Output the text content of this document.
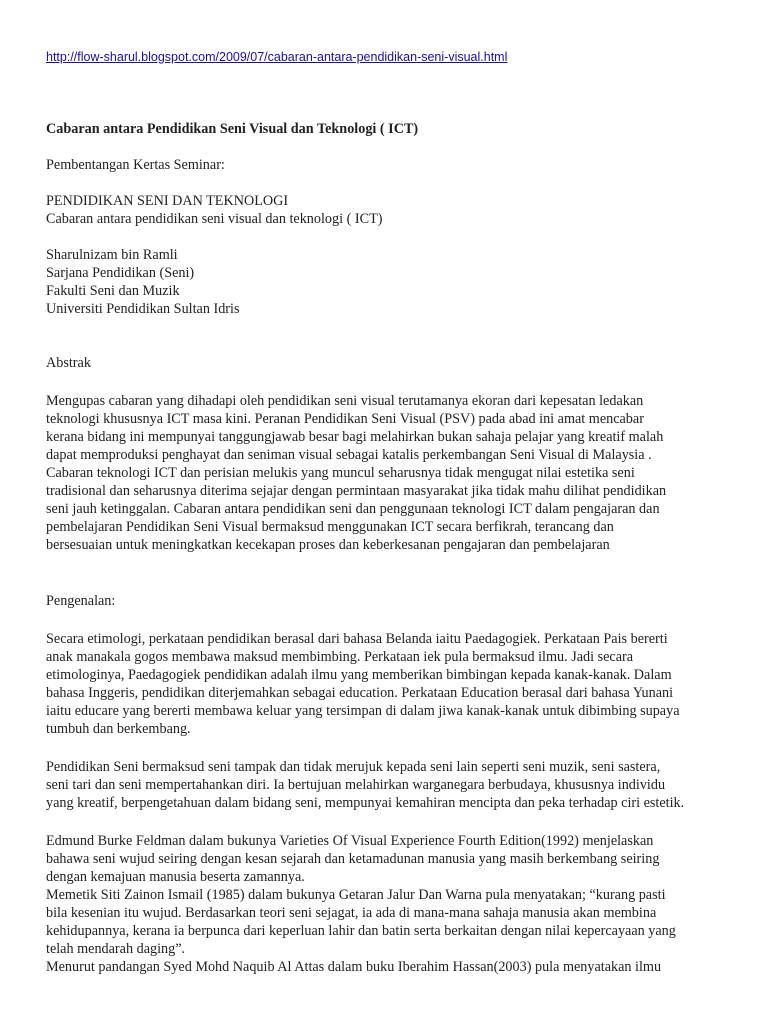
http://flow-sharul.blogspot.com/2009/07/cabaran-antara-pendidikan-seni-visual.html

Cabaran antara Pendidikan Seni Visual dan Teknologi ( ICT)

Pembentangan Kertas Seminar:

PENDIDIKAN SENI DAN TEKNOLOGI
Cabaran antara pendidikan seni visual dan teknologi ( ICT)

Sharulnizam bin Ramli
Sarjana Pendidikan (Seni)
Fakulti Seni dan Muzik
Universiti Pendidikan Sultan Idris

Abstrak

Mengupas cabaran yang dihadapi oleh pendidikan seni visual terutamanya ekoran dari kepesatan ledakan
teknologi khususnya ICT masa kini. Peranan Pendidikan Seni Visual (PSV) pada abad ini amat mencabar
kerana bidang ini mempunyai tanggungjawab besar bagi melahirkan bukan sahaja pelajar yang kreatif malah
dapat memproduksi penghayat dan seniman visual sebagai katalis perkembangan Seni Visual di Malaysia .
Cabaran teknologi ICT dan perisian melukis yang muncul seharusnya tidak mengugat nilai estetika seni
tradisional dan seharusnya diterima sejajar dengan permintaan masyarakat jika tidak mahu dilihat pendidikan
seni jauh ketinggalan. Cabaran antara pendidikan seni dan penggunaan teknologi ICT dalam pengajaran dan
pembelajaran Pendidikan Seni Visual bermaksud menggunakan ICT secara berfikrah, terancang dan
bersesuaian untuk meningkatkan kecekapan proses dan keberkesanan pengajaran dan pembelajaran

Pengenalan:

Secara etimologi, perkataan pendidikan berasal dari bahasa Belanda iaitu Paedagogiek. Perkataan Pais bererti
anak manakala gogos membawa maksud membimbing. Perkataan iek pula bermaksud ilmu. Jadi secara
etimologinya, Paedagogiek pendidikan adalah ilmu yang memberikan bimbingan kepada kanak-kanak. Dalam
bahasa Inggeris, pendidikan diterjemahkan sebagai education. Perkataan Education berasal dari bahasa Yunani
iaitu educare yang bererti membawa keluar yang tersimpan di dalam jiwa kanak-kanak untuk dibimbing supaya
tumbuh dan berkembang.

Pendidikan Seni bermaksud seni tampak dan tidak merujuk kepada seni lain seperti seni muzik, seni sastera,
seni tari dan seni mempertahankan diri. Ia bertujuan melahirkan warganegara berbudaya, khususnya individu
yang kreatif, berpengetahuan dalam bidang seni, mempunyai kemahiran mencipta dan peka terhadap ciri estetik.

Edmund Burke Feldman dalam bukunya Varieties Of Visual Experience Fourth Edition(1992) menjelaskan
bahawa seni wujud seiring dengan kesan sejarah dan ketamadunan manusia yang masih berkembang seiring
dengan kemajuan manusia beserta zamannya.
Memetik Siti Zainon Ismail (1985) dalam bukunya Getaran Jalur Dan Warna pula menyatakan; “kurang pasti
bila kesenian itu wujud. Berdasarkan teori seni sejagat, ia ada di mana-mana sahaja manusia akan membina
kehidupannya, kerana ia berpunca dari keperluan lahir dan batin serta berkaitan dengan nilai kepercayaan yang
telah mendarah daging”.
Menurut pandangan Syed Mohd Naquib Al Attas dalam buku Iberahim Hassan(2003) pula menyatakan ilmu
